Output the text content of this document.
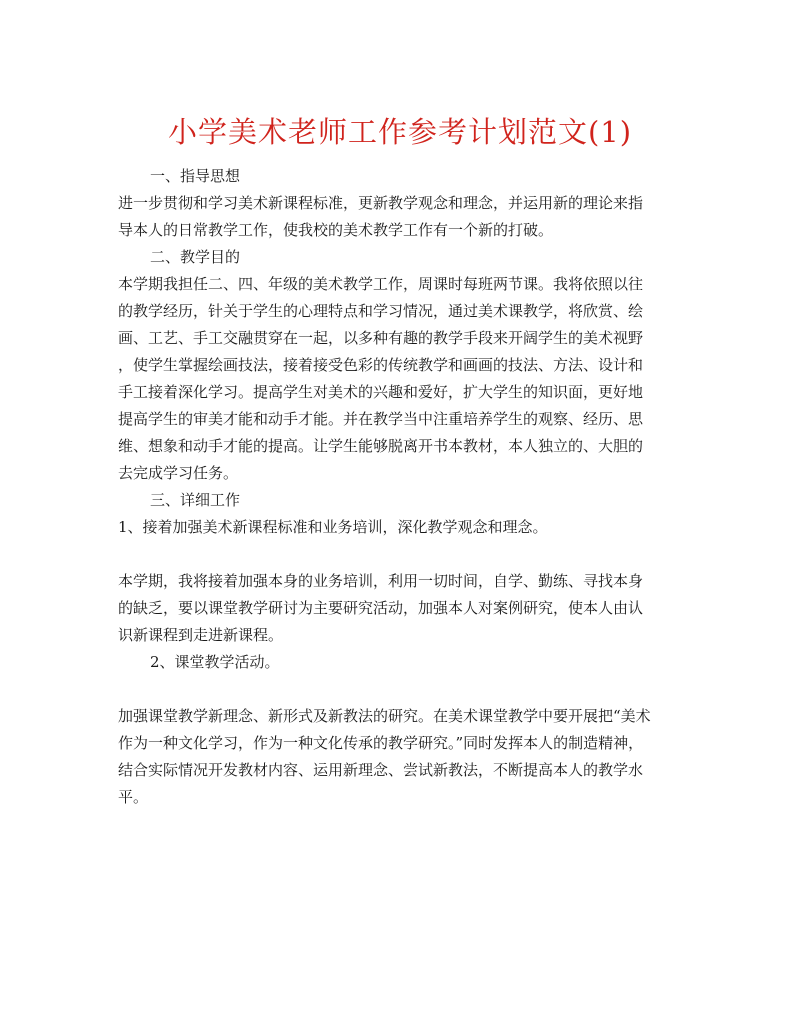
小学美术老师工作参考计划范文(1)

一、指导思想

进一步贯彻和学习美术新课程标准，更新教学观念和理念，并运用新的理论来指

导本人的日常教学工作，使我校的美术教学工作有一个新的打破。

二、教学目的

本学期我担任二、四、年级的美术教学工作，周课时每班两节课。我将依照以往

的教学经历，针关于学生的心理特点和学习情况，通过美术课教学，将欣赏、绘

画、工艺、手工交融贯穿在一起，以多种有趣的教学手段来开阔学生的美术视野

，使学生掌握绘画技法，接着接受色彩的传统教学和画画的技法、方法、设计和

手工接着深化学习。提高学生对美术的兴趣和爱好，扩大学生的知识面，更好地

提高学生的审美才能和动手才能。并在教学当中注重培养学生的观察、经历、思

维、想象和动手才能的提高。让学生能够脱离开书本教材，本人独立的、大胆的

去完成学习任务。

三、详细工作

1、接着加强美术新课程标准和业务培训，深化教学观念和理念。

本学期，我将接着加强本身的业务培训，利用一切时间，自学、勤练、寻找本身

的缺乏，要以课堂教学研讨为主要研究活动，加强本人对案例研究，使本人由认

识新课程到走进新课程。

2、课堂教学活动。

加强课堂教学新理念、新形式及新教法的研究。在美术课堂教学中要开展把“美术

作为一种文化学习，作为一种文化传承的教学研究。”同时发挥本人的制造精神，

结合实际情况开发教材内容、运用新理念、尝试新教法，不断提高本人的教学水

平。
